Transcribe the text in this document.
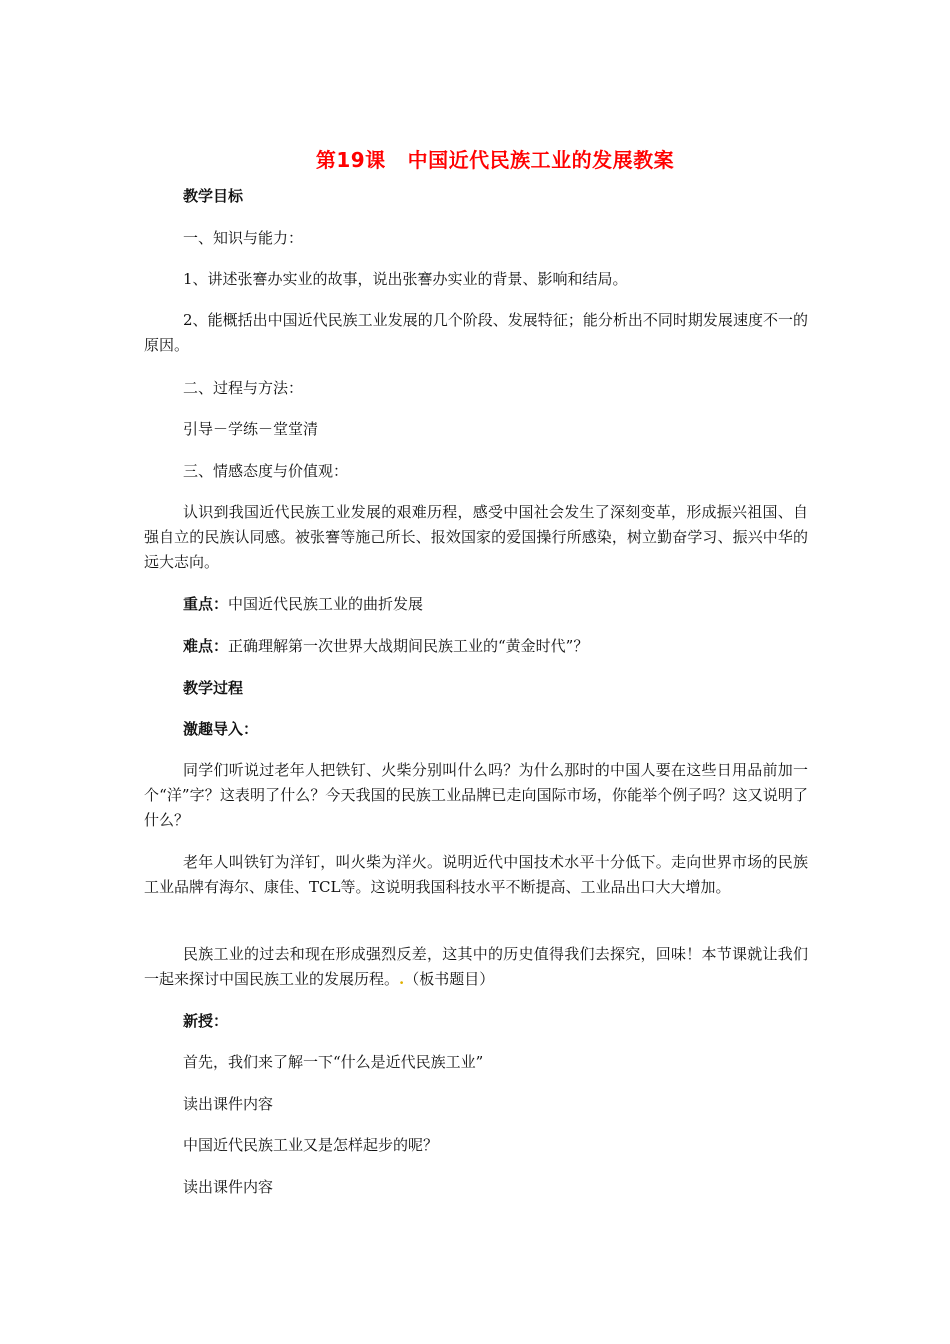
第19课 中国近代民族工业的发展教案
教学目标
一、知识与能力：
1、讲述张謇办实业的故事，说出张謇办实业的背景、影响和结局。
2、能概括出中国近代民族工业发展的几个阶段、发展特征；能分析出不同时期发展速度不一的原因。
二、过程与方法：
引导－学练－堂堂清
三、情感态度与价值观：
认识到我国近代民族工业发展的艰难历程，感受中国社会发生了深刻变革，形成振兴祖国、自强自立的民族认同感。被张謇等施己所长、报效国家的爱国操行所感染，树立勤奋学习、振兴中华的远大志向。
重点：中国近代民族工业的曲折发展
难点：正确理解第一次世界大战期间民族工业的“黄金时代”？
教学过程
激趣导入：
同学们听说过老年人把铁钉、火柴分别叫什么吗？为什么那时的中国人要在这些日用品前加一个“洋”字？这表明了什么？今天我国的民族工业品牌已走向国际市场，你能举个例子吗？这又说明了什么？
老年人叫铁钉为洋钉，叫火柴为洋火。说明近代中国技术水平十分低下。走向世界市场的民族工业品牌有海尔、康佳、TCL等。这说明我国科技水平不断提高、工业品出口大大增加。
民族工业的过去和现在形成强烈反差，这其中的历史值得我们去探究，回味！本节课就让我们一起来探讨中国民族工业的发展历程。.（板书题目）
新授：
首先，我们来了解一下“什么是近代民族工业”
读出课件内容
中国近代民族工业又是怎样起步的呢？
读出课件内容
